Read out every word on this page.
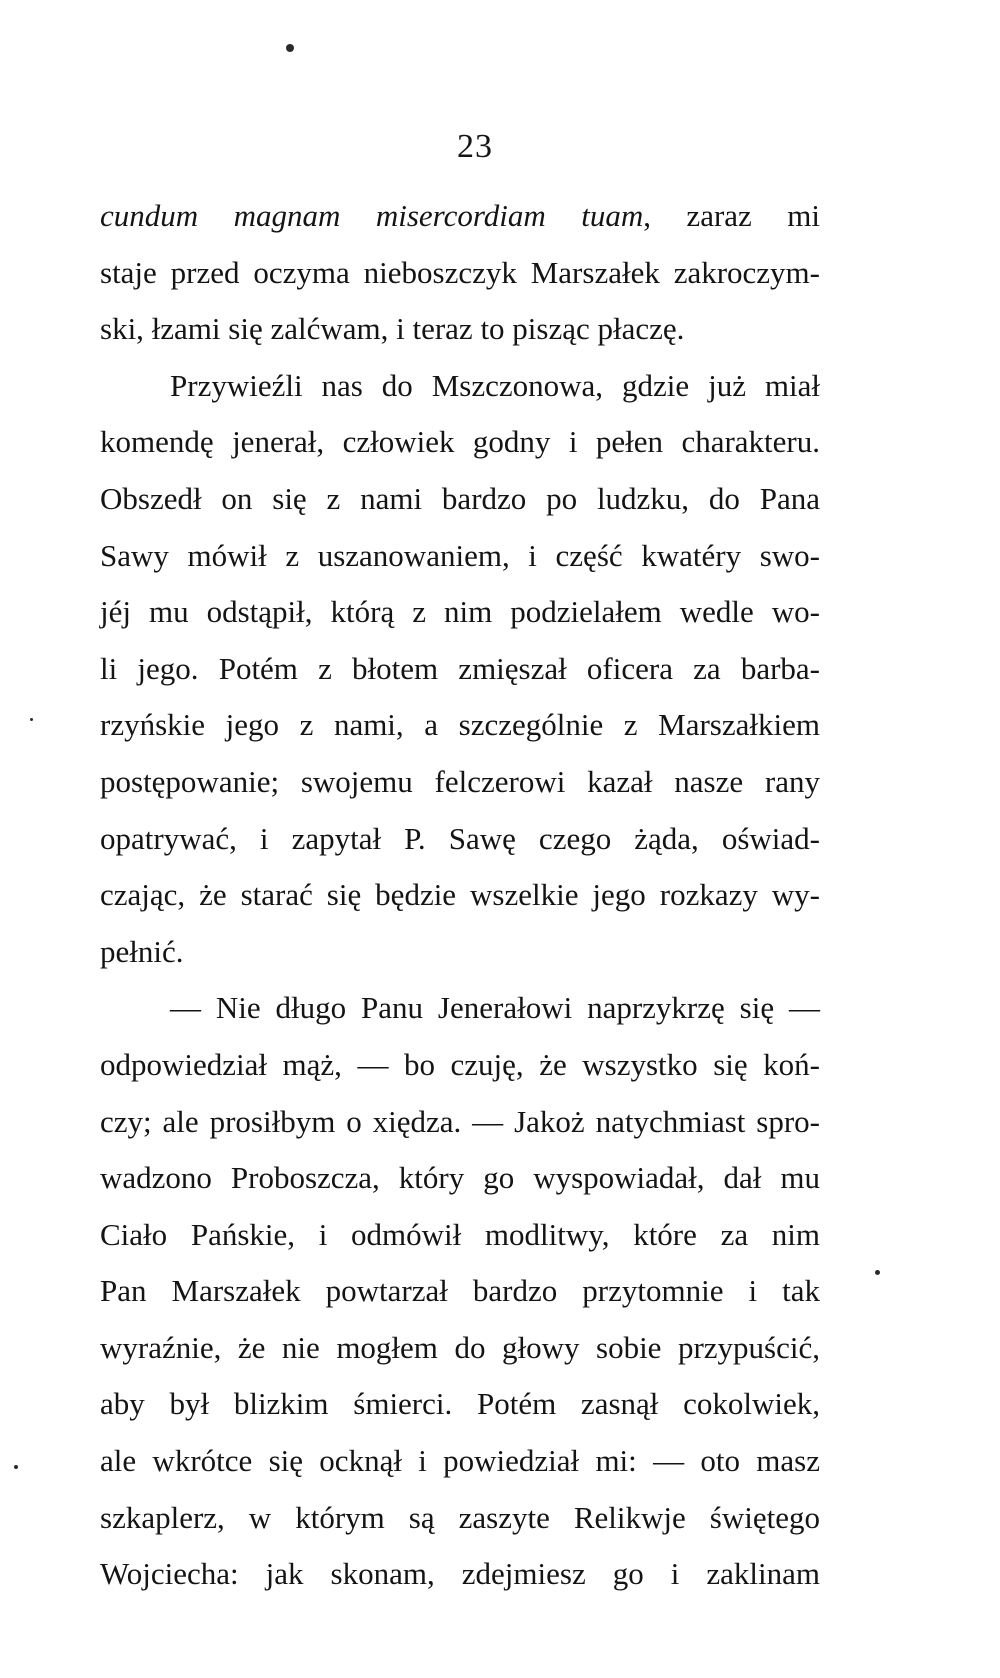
23
cundum magnam misercordiam tuam, zaraz mi
staje przed oczyma nieboszczyk Marszałek zakroczym-
ski, łzami się zalćwam, i teraz to pisząc płaczę.
Przywieźli nas do Mszczonowa, gdzie już miał
komendę jenerał, człowiek godny i pełen charakteru.
Obszedł on się z nami bardzo po ludzku, do Pana
Sawy mówił z uszanowaniem, i część kwatéry swo-
jéj mu odstąpił, którą z nim podzielałem wedle wo-
li jego. Potém z błotem zmięszał oficera za barba-
rzyńskie jego z nami, a szczególnie z Marszałkiem
postępowanie; swojemu felczerowi kazał nasze rany
opatrywać, i zapytał P. Sawę czego żąda, oświad-
czając, że starać się będzie wszelkie jego rozkazy wy-
pełnić.
— Nie długo Panu Jenerałowi naprzykrzę się —
odpowiedział mąż, — bo czuję, że wszystko się koń-
czy; ale prosiłbym o xiędza. — Jakoż natychmiast spro-
wadzono Proboszcza, który go wyspowiadał, dał mu
Ciało Pańskie, i odmówił modlitwy, które za nim
Pan Marszałek powtarzał bardzo przytomnie i tak
wyraźnie, że nie mogłem do głowy sobie przypuścić,
aby był blizkim śmierci. Potém zasnął cokolwiek,
ale wkrótce się ocknął i powiedział mi: — oto masz
szkaplerz, w którym są zaszyte Relikwje świętego
Wojciecha: jak skonam, zdejmiesz go i zaklinam
